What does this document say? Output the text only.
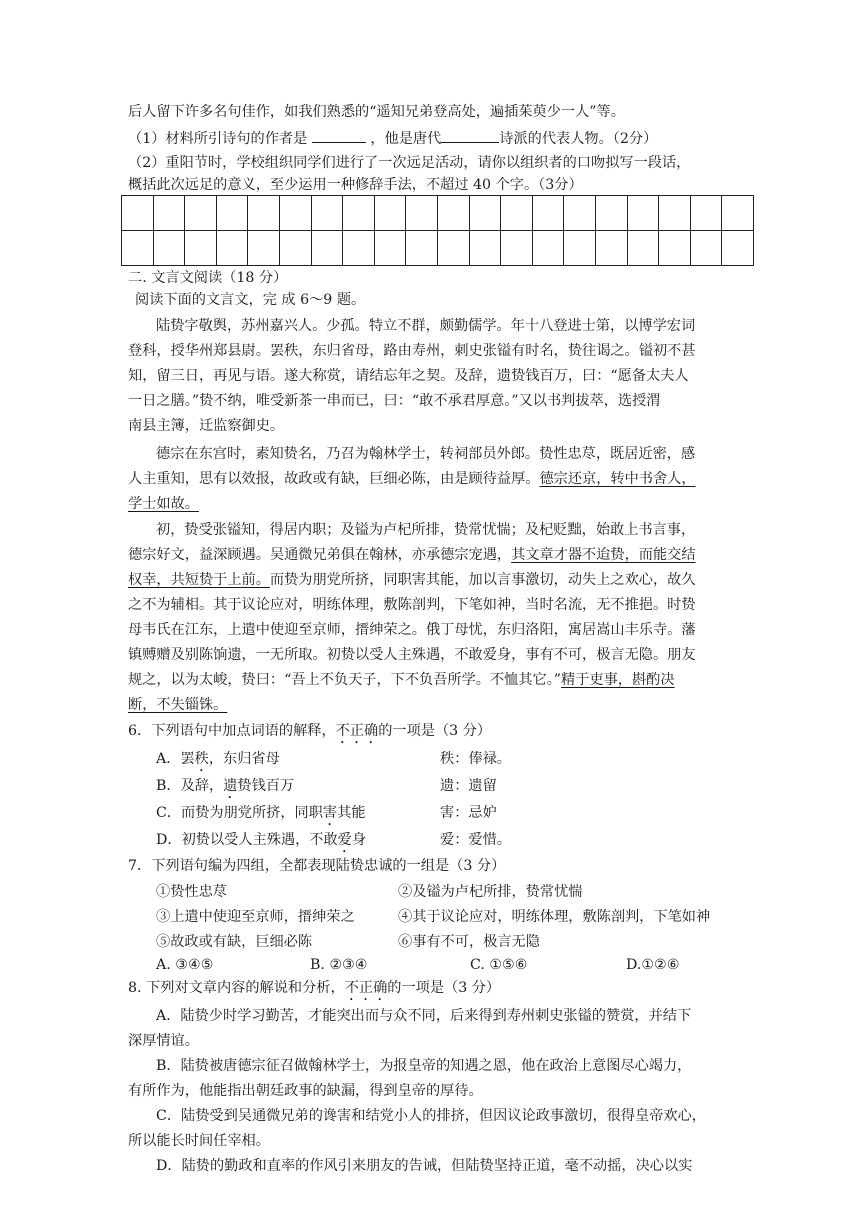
后人留下许多名句佳作，如我们熟悉的“遥知兄弟登高处，遍插茱萸少一人”等。
（1）材料所引诗句的作者是	，他是唐代	诗派的代表人物。（2分）
（2）重阳节时，学校组织同学们进行了一次远足活动，请你以组织者的口吻拟写一段话，
概括此次远足的意义，至少运用一种修辞手法，不超过 40 个字。（3分）

二. 文言文阅读（18 分）
阅读下面的文言文，完 成 6～9 题。
陆贽字敬舆，苏州嘉兴人。少孤。特立不群，颇勤儒学。年十八登进士第，以博学宏词
登科，授华州郑县尉。罢秩，东归省母，路由寿州，刺史张镒有时名，贽往谒之。镒初不甚
知，留三日，再见与语。遂大称赏，请结忘年之契。及辞，遗贽钱百万，曰：“愿备太夫人
一日之膳。”贽不纳，唯受新茶一串而已，曰：“敢不承君厚意。”又以书判拔萃，选授渭
南县主簿，迁监察御史。
德宗在东宫时，素知贽名，乃召为翰林学士，转祠部员外郎。贽性忠荩，既居近密，感
人主重知，思有以效报，故政或有缺，巨细必陈，由是顾待益厚。德宗还京，转中书舍人，
学士如故。
初，贽受张镒知，得居内职；及镒为卢杞所排，贽常忧惴；及杞贬黜，始敢上书言事，
德宗好文，益深顾遇。吴通微兄弟俱在翰林，亦承德宗宠遇，其文章才器不迨贽，而能交结
权幸，共短贽于上前。而贽为朋党所挤，同职害其能，加以言事激切，动失上之欢心，故久
之不为辅相。其于议论应对，明练体理，敷陈剖判，下笔如神，当时名流，无不推挹。时贽
母韦氏在江东，上遣中使迎至京师，搢绅荣之。俄丁母忧，东归洛阳，寓居嵩山丰乐寺。藩
镇赙赠及别陈饷遗，一无所取。初贽以受人主殊遇，不敢爱身，事有不可，极言无隐。朋友
规之，以为太峻，贽曰：“吾上不负天子，下不负吾所学。不恤其它。”精于吏事，斟酌决
断，不失锱铢。
6．下列语句中加点词语的解释，不正确的一项是（3 分）
A．罢秩，东归省母	秩：俸禄。
B．及辞，遗贽钱百万	遗：遗留
C．而贽为朋党所挤，同职害其能	害：忌妒
D．初贽以受人主殊遇，不敢爱身	爱：爱惜。
7．下列语句编为四组，全都表现陆贽忠诚的一组是（3 分）
①贽性忠荩	②及镒为卢杞所排，贽常忧惴
③上遣中使迎至京师，搢绅荣之	④其于议论应对，明练体理，敷陈剖判，下笔如神
⑤故政或有缺，巨细必陈	⑥事有不可，极言无隐
A. ③④⑤	B. ②③④	C. ①⑤⑥	D.①②⑥
8. 下列对文章内容的解说和分析，不正确的一项是（3 分）
A．陆贽少时学习勤苦，才能突出而与众不同，后来得到寿州刺史张镒的赞赏，并结下
深厚情谊。
B．陆贽被唐德宗征召做翰林学士，为报皇帝的知遇之恩，他在政治上意图尽心竭力，
有所作为，他能指出朝廷政事的缺漏，得到皇帝的厚待。
C．陆贽受到吴通微兄弟的谗害和结党小人的排挤，但因议论政事激切，很得皇帝欢心，
所以能长时间任宰相。
D．陆贽的勤政和直率的作风引来朋友的告诫，但陆贽坚持正道，毫不动摇，决心以实
